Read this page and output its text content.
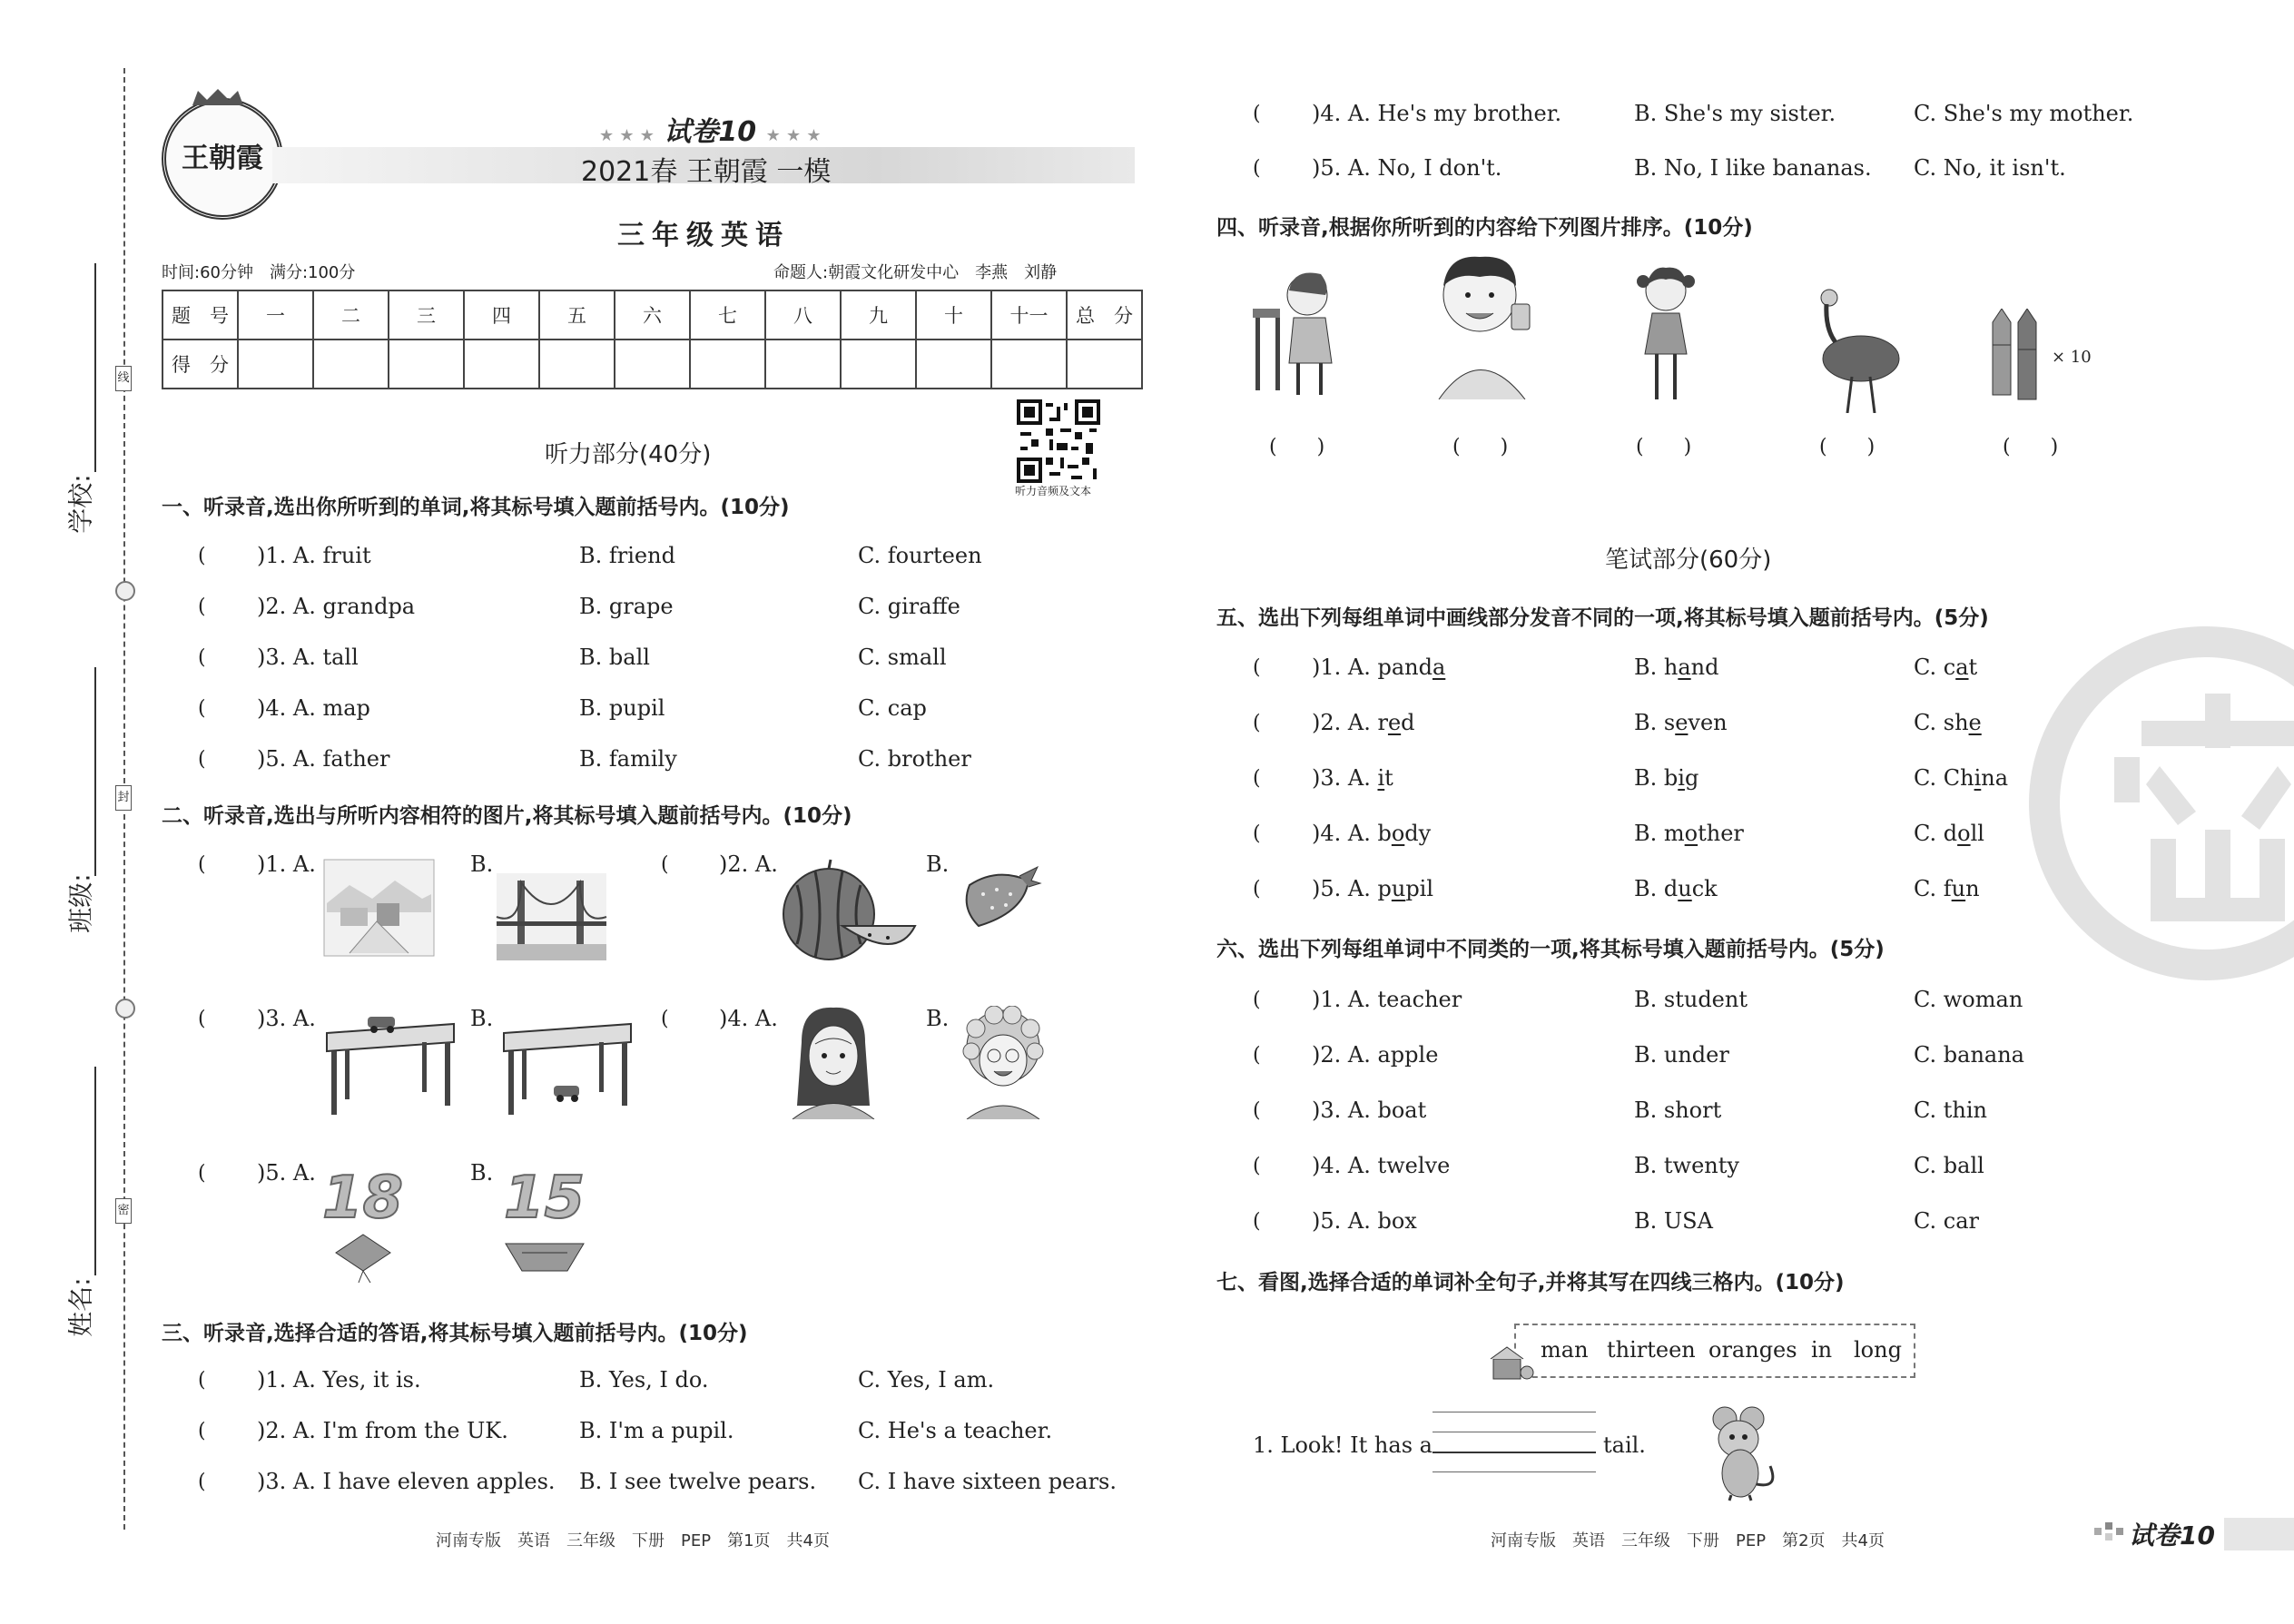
线
封
密
学校:
班级:
姓名:
王朝霞
★ ★ ★ 试卷10 ★ ★ ★
2021春 王朝霞 一模
三年级英语
时间:60分钟　满分:100分	命题人:朝霞文化研发中心　李燕　刘静
题　号	一	二	三	四	五	六	七	八	九	十	十一	总　分
得　分												
听力音频及文本
听力部分(40分)
一、听录音,选出你所听到的单词,将其标号填入题前括号内。(10分)
( )1. A. fruit	B. friend	C. fourteen
( )2. A. grandpa	B. grape	C. giraffe
( )3. A. tall	B. ball	C. small
( )4. A. map	B. pupil	C. cap
( )5. A. father	B. family	C. brother
二、听录音,选出与所听内容相符的图片,将其标号填入题前括号内。(10分)
( )1. A.	B.	( )2. A.	B.
( )3. A.	B.	( )4. A.	B.
( )5. A. 18	B. 15
三、听录音,选择合适的答语,将其标号填入题前括号内。(10分)
( )1. A. Yes, it is.	B. Yes, I do.	C. Yes, I am.
( )2. A. I'm from the UK.	B. I'm a pupil.	C. He's a teacher.
( )3. A. I have eleven apples. B. I see twelve pears. C. I have sixteen pears.
河南专版　英语　三年级　下册　PEP　第1页　共4页
( )4. A. He's my brother.	B. She's my sister.	C. She's my mother.
( )5. A. No, I don't.	B. No, I like bananas. C. No, it isn't.
四、听录音,根据你所听到的内容给下列图片排序。(10分)
× 10
(　　)	(　　)	(　　)	(　　)	(　　)
笔试部分(60分)
五、选出下列每组单词中画线部分发音不同的一项,将其标号填入题前括号内。(5分)
( )1. A. panda	B. hand	C. cat
( )2. A. red	B. seven	C. she
( )3. A. it	B. big	C. China
( )4. A. body	B. mother	C. doll
( )5. A. pupil	B. duck	C. fun
六、选出下列每组单词中不同类的一项,将其标号填入题前括号内。(5分)
( )1. A. teacher	B. student	C. woman
( )2. A. apple	B. under	C. banana
( )3. A. boat	B. short	C. thin
( )4. A. twelve	B. twenty	C. ball
( )5. A. box	B. USA	C. car
七、看图,选择合适的单词补全句子,并将其写在四线三格内。(10分)
man thirteen oranges in long
1. Look! It has a	tail.
河南专版　英语　三年级　下册　PEP　第2页　共4页	试卷10
